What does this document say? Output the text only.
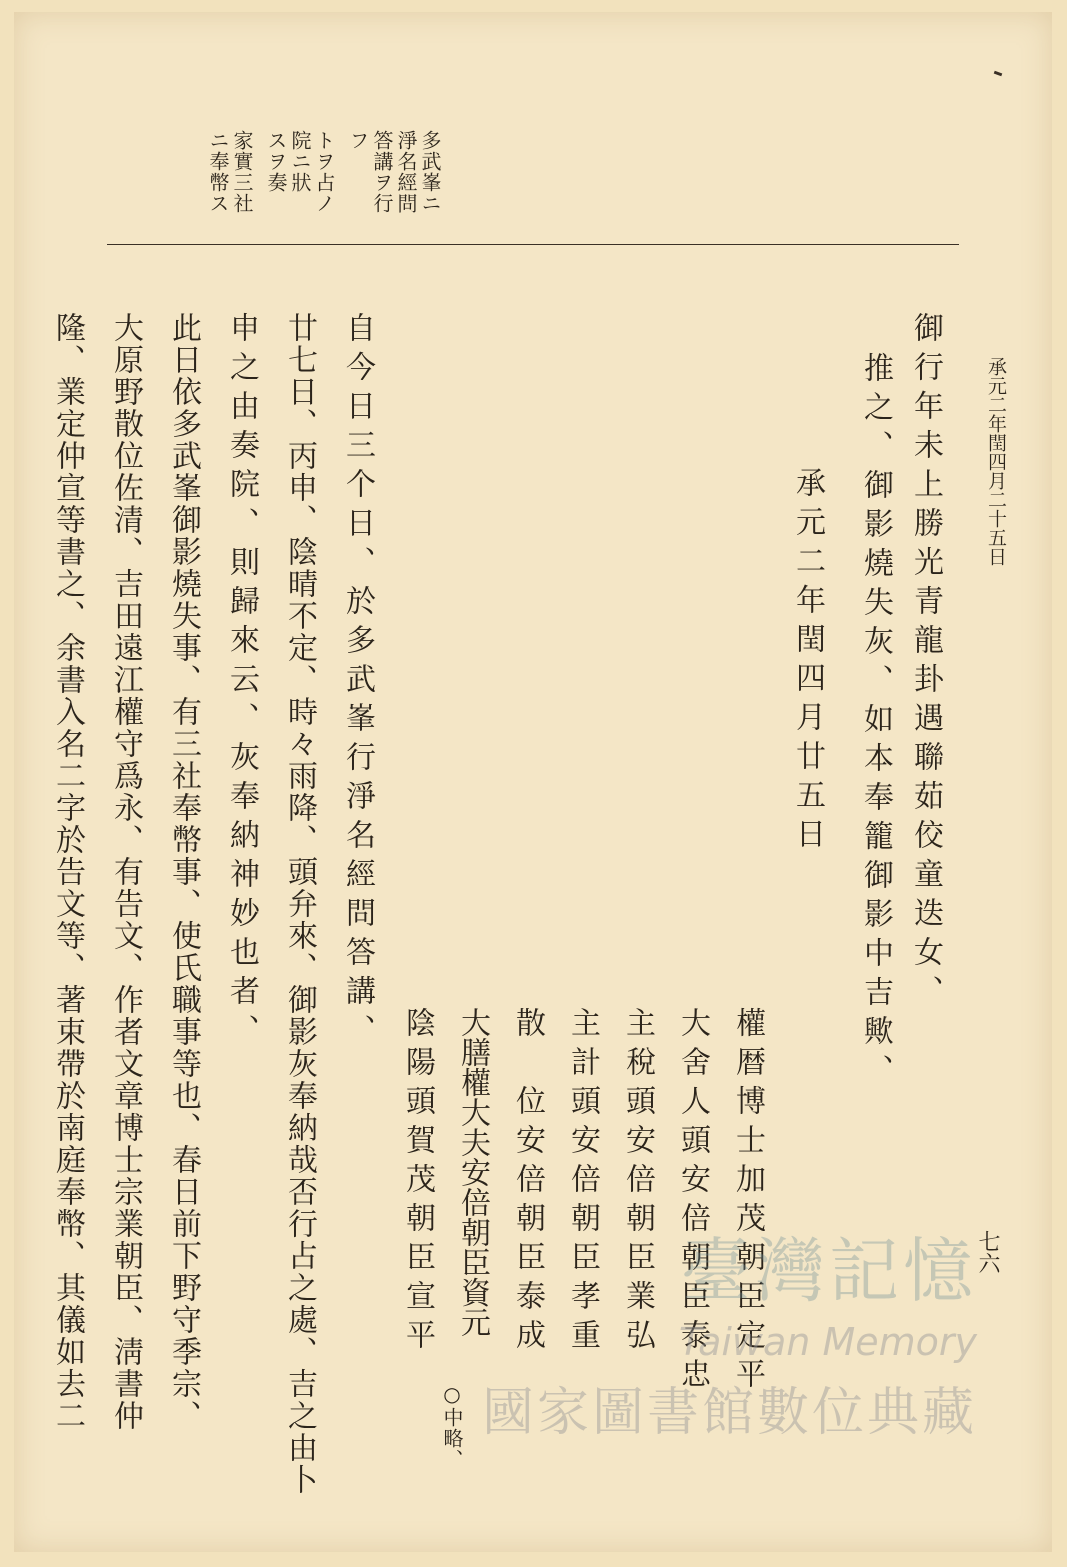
承元二年閏四月二十五日
多武峯ニ
淨名經問
答講ヲ行
フ
トヲ占ノ
院ニ狀
スヲ奏
家實三社
ニ奉幣ス
御行年未上勝光青龍卦遇聯茹佼童迭女、
推之、御影燒失灰、如本奉籠御影中吉歟、
承元二年閏四月廿五日
權暦博士加茂朝臣定平
大舍人頭安倍朝臣泰忠
主稅頭安倍朝臣業弘
主計頭安倍朝臣孝重
散　位安倍朝臣泰成
大膳權大夫安倍朝臣資元
陰陽頭賀茂朝臣宣平
○中略、
自今日三个日、於多武峯行淨名經問答講、
廿七日、丙申、陰晴不定、時々雨降、頭弁來、御影灰奉納哉否行占之處、吉之由卜
申之由奏院、則歸來云、灰奉納神妙也者、
此日依多武峯御影燒失事、有三社奉幣事、使氏職事等也、春日前下野守季宗、
大原野散位佐清、吉田遠江權守爲永、有告文、作者文章博士宗業朝臣、淸書仲
隆、業定仲宣等書之、余書入名二字於告文等、著束帶於南庭奉幣、其儀如去二	七六
臺灣記憶
Taiwan Memory
國家圖書館數位典藏
